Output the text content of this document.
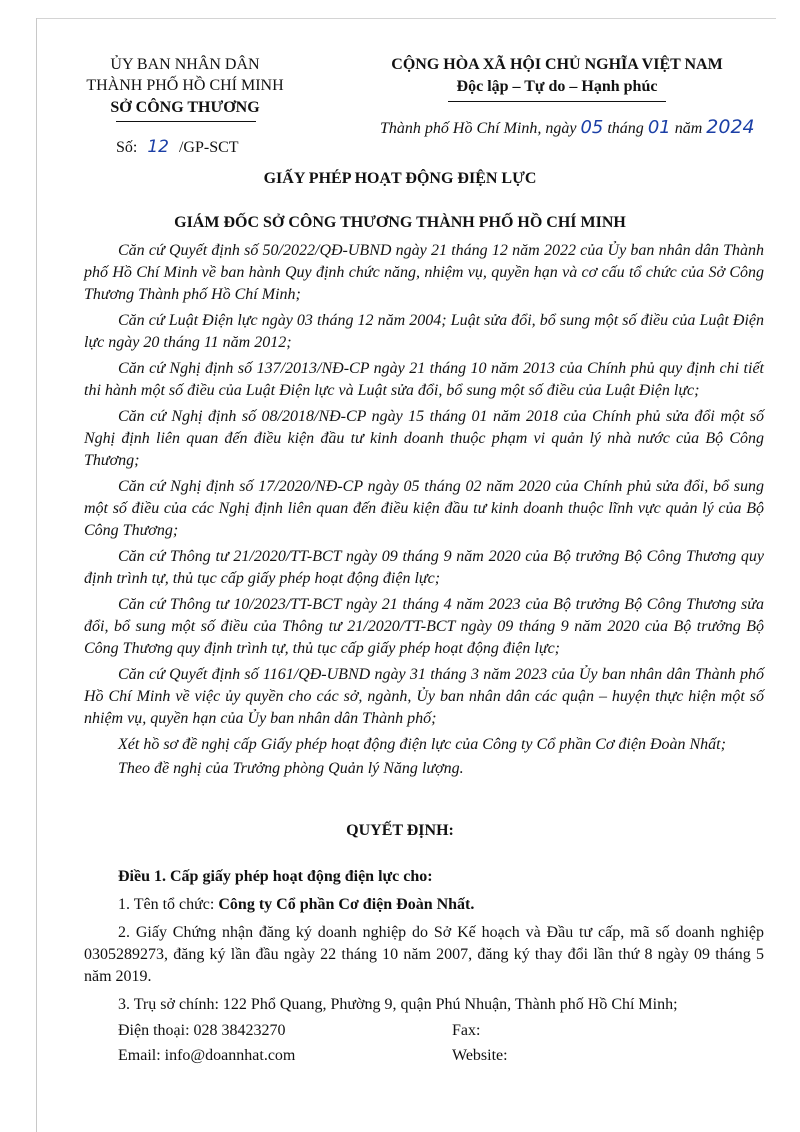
ỦY BAN NHÂN DÂN
THÀNH PHỐ HỒ CHÍ MINH
SỞ CÔNG THƯƠNG
Số: 12 /GP-SCT
CỘNG HÒA XÃ HỘI CHỦ NGHĨA VIỆT NAM
Độc lập – Tự do – Hạnh phúc
Thành phố Hồ Chí Minh, ngày 05 tháng 01 năm 2024
GIẤY PHÉP HOẠT ĐỘNG ĐIỆN LỰC
GIÁM ĐỐC SỞ CÔNG THƯƠNG THÀNH PHỐ HỒ CHÍ MINH

Căn cứ Quyết định số 50/2022/QĐ-UBND ngày 21 tháng 12 năm 2022 của Ủy ban nhân dân Thành phố Hồ Chí Minh về ban hành Quy định chức năng, nhiệm vụ, quyền hạn và cơ cấu tổ chức của Sở Công Thương Thành phố Hồ Chí Minh;

Căn cứ Luật Điện lực ngày 03 tháng 12 năm 2004; Luật sửa đổi, bổ sung một số điều của Luật Điện lực ngày 20 tháng 11 năm 2012;

Căn cứ Nghị định số 137/2013/NĐ-CP ngày 21 tháng 10 năm 2013 của Chính phủ quy định chi tiết thi hành một số điều của Luật Điện lực và Luật sửa đổi, bổ sung một số điều của Luật Điện lực;

Căn cứ Nghị định số 08/2018/NĐ-CP ngày 15 tháng 01 năm 2018 của Chính phủ sửa đổi một số Nghị định liên quan đến điều kiện đầu tư kinh doanh thuộc phạm vi quản lý nhà nước của Bộ Công Thương;

Căn cứ Nghị định số 17/2020/NĐ-CP ngày 05 tháng 02 năm 2020 của Chính phủ sửa đổi, bổ sung một số điều của các Nghị định liên quan đến điều kiện đầu tư kinh doanh thuộc lĩnh vực quản lý của Bộ Công Thương;

Căn cứ Thông tư 21/2020/TT-BCT ngày 09 tháng 9 năm 2020 của Bộ trưởng Bộ Công Thương quy định trình tự, thủ tục cấp giấy phép hoạt động điện lực;

Căn cứ Thông tư 10/2023/TT-BCT ngày 21 tháng 4 năm 2023 của Bộ trưởng Bộ Công Thương sửa đổi, bổ sung một số điều của Thông tư 21/2020/TT-BCT ngày 09 tháng 9 năm 2020 của Bộ trưởng Bộ Công Thương quy định trình tự, thủ tục cấp giấy phép hoạt động điện lực;

Căn cứ Quyết định số 1161/QĐ-UBND ngày 31 tháng 3 năm 2023 của Ủy ban nhân dân Thành phố Hồ Chí Minh về việc ủy quyền cho các sở, ngành, Ủy ban nhân dân các quận – huyện thực hiện một số nhiệm vụ, quyền hạn của Ủy ban nhân dân Thành phố;

Xét hồ sơ đề nghị cấp Giấy phép hoạt động điện lực của Công ty Cổ phần Cơ điện Đoàn Nhất;

Theo đề nghị của Trưởng phòng Quản lý Năng lượng.

QUYẾT ĐỊNH:

Điều 1. Cấp giấy phép hoạt động điện lực cho:

1. Tên tổ chức: Công ty Cổ phần Cơ điện Đoàn Nhất.

2. Giấy Chứng nhận đăng ký doanh nghiệp do Sở Kế hoạch và Đầu tư cấp, mã số doanh nghiệp 0305289273, đăng ký lần đầu ngày 22 tháng 10 năm 2007, đăng ký thay đổi lần thứ 8 ngày 09 tháng 5 năm 2019.

3. Trụ sở chính: 122 Phổ Quang, Phường 9, quận Phú Nhuận, Thành phố Hồ Chí Minh;

Điện thoại: 028 38423270	Fax:
Email: info@doannhat.com	Website:
